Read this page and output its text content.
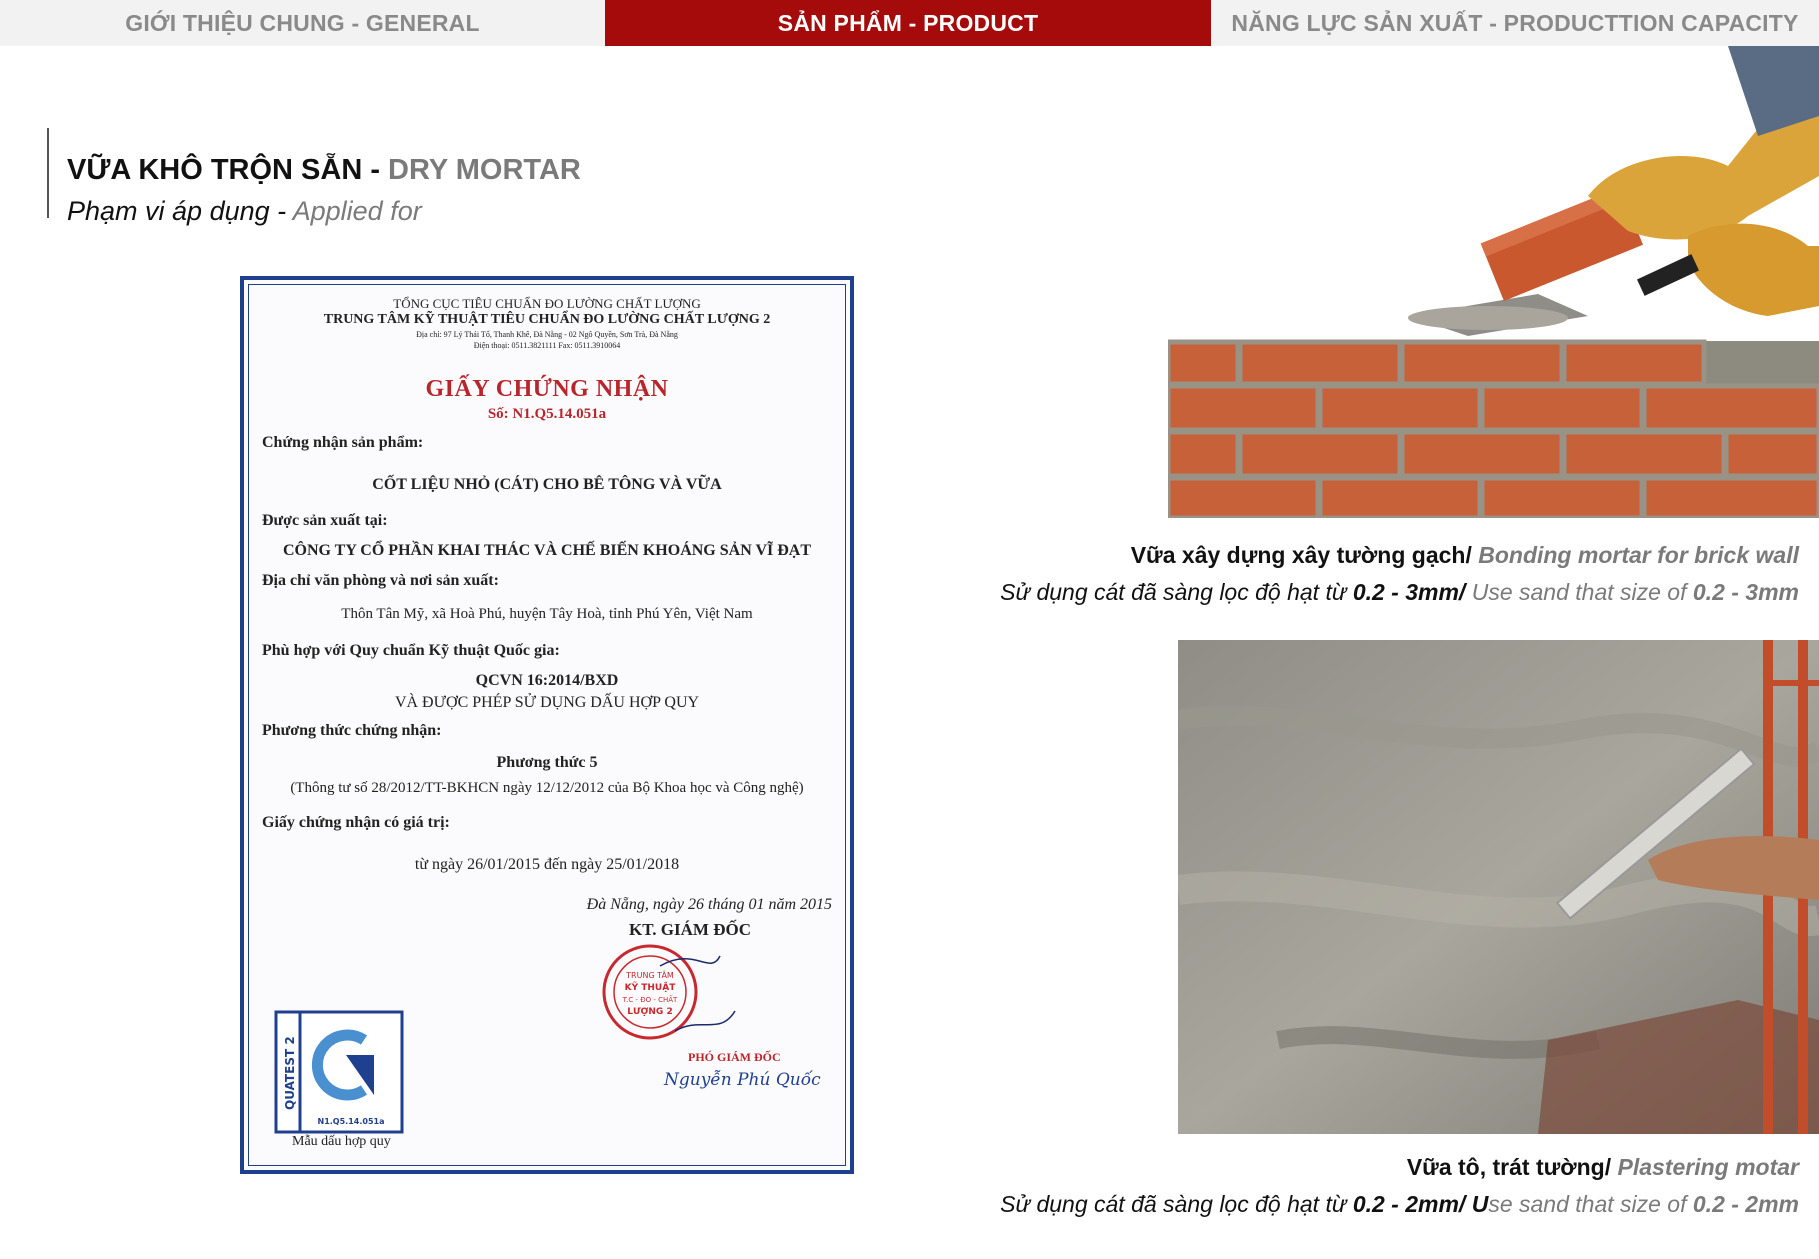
GIỚI THIỆU CHUNG - GENERAL	SẢN PHẨM - PRODUCT	NĂNG LỰC SẢN XUẤT - PRODUCTTION CAPACITY
VỮA KHÔ TRỘN SẴN - DRY MORTAR
Phạm vi áp dụng - Applied for
TỔNG CỤC TIÊU CHUẨN ĐO LƯỜNG CHẤT LƯỢNG
TRUNG TÂM KỸ THUẬT TIÊU CHUẨN ĐO LƯỜNG CHẤT LƯỢNG 2
Địa chỉ: 97 Lý Thái Tổ, Thanh Khê, Đà Nẵng - 02 Ngô Quyền, Sơn Trà, Đà Nẵng
Điện thoại: 0511.3821111 Fax: 0511.3910064
GIẤY CHỨNG NHẬN
Số: N1.Q5.14.051a
Chứng nhận sản phẩm:
CỐT LIỆU NHỎ (CÁT) CHO BÊ TÔNG VÀ VỮA
Được sản xuất tại:
CÔNG TY CỔ PHẦN KHAI THÁC VÀ CHẾ BIẾN KHOÁNG SẢN VĨ ĐẠT
Địa chỉ văn phòng và nơi sản xuất:
Thôn Tân Mỹ, xã Hoà Phú, huyện Tây Hoà, tỉnh Phú Yên, Việt Nam
Phù hợp với Quy chuẩn Kỹ thuật Quốc gia:
QCVN 16:2014/BXD
VÀ ĐƯỢC PHÉP SỬ DỤNG DẤU HỢP QUY
Phương thức chứng nhận:
Phương thức 5
(Thông tư số 28/2012/TT-BKHCN ngày 12/12/2012 của Bộ Khoa học và Công nghệ)
Giấy chứng nhận có giá trị:
từ ngày 26/01/2015 đến ngày 25/01/2018
Đà Nẵng, ngày 26 tháng 01 năm 2015
KT. GIÁM ĐỐC
TRUNG TÂM
KỸ THUẬT
T.C - ĐO - CHẤT
LƯỢNG 2
QUATEST 2
N1.Q5.14.051a
Mẫu dấu hợp quy
PHÓ GIÁM ĐỐC
Nguyễn Phú Quốc
Vữa xây dựng xây tường gạch/ Bonding mortar for brick wall
Sử dụng cát đã sàng lọc độ hạt từ 0.2 - 3mm/ Use sand that size of 0.2 - 3mm
Vữa tô, trát tường/ Plastering motar
Sử dụng cát đã sàng lọc độ hạt từ 0.2 - 2mm/ Use sand that size of 0.2 - 2mm
